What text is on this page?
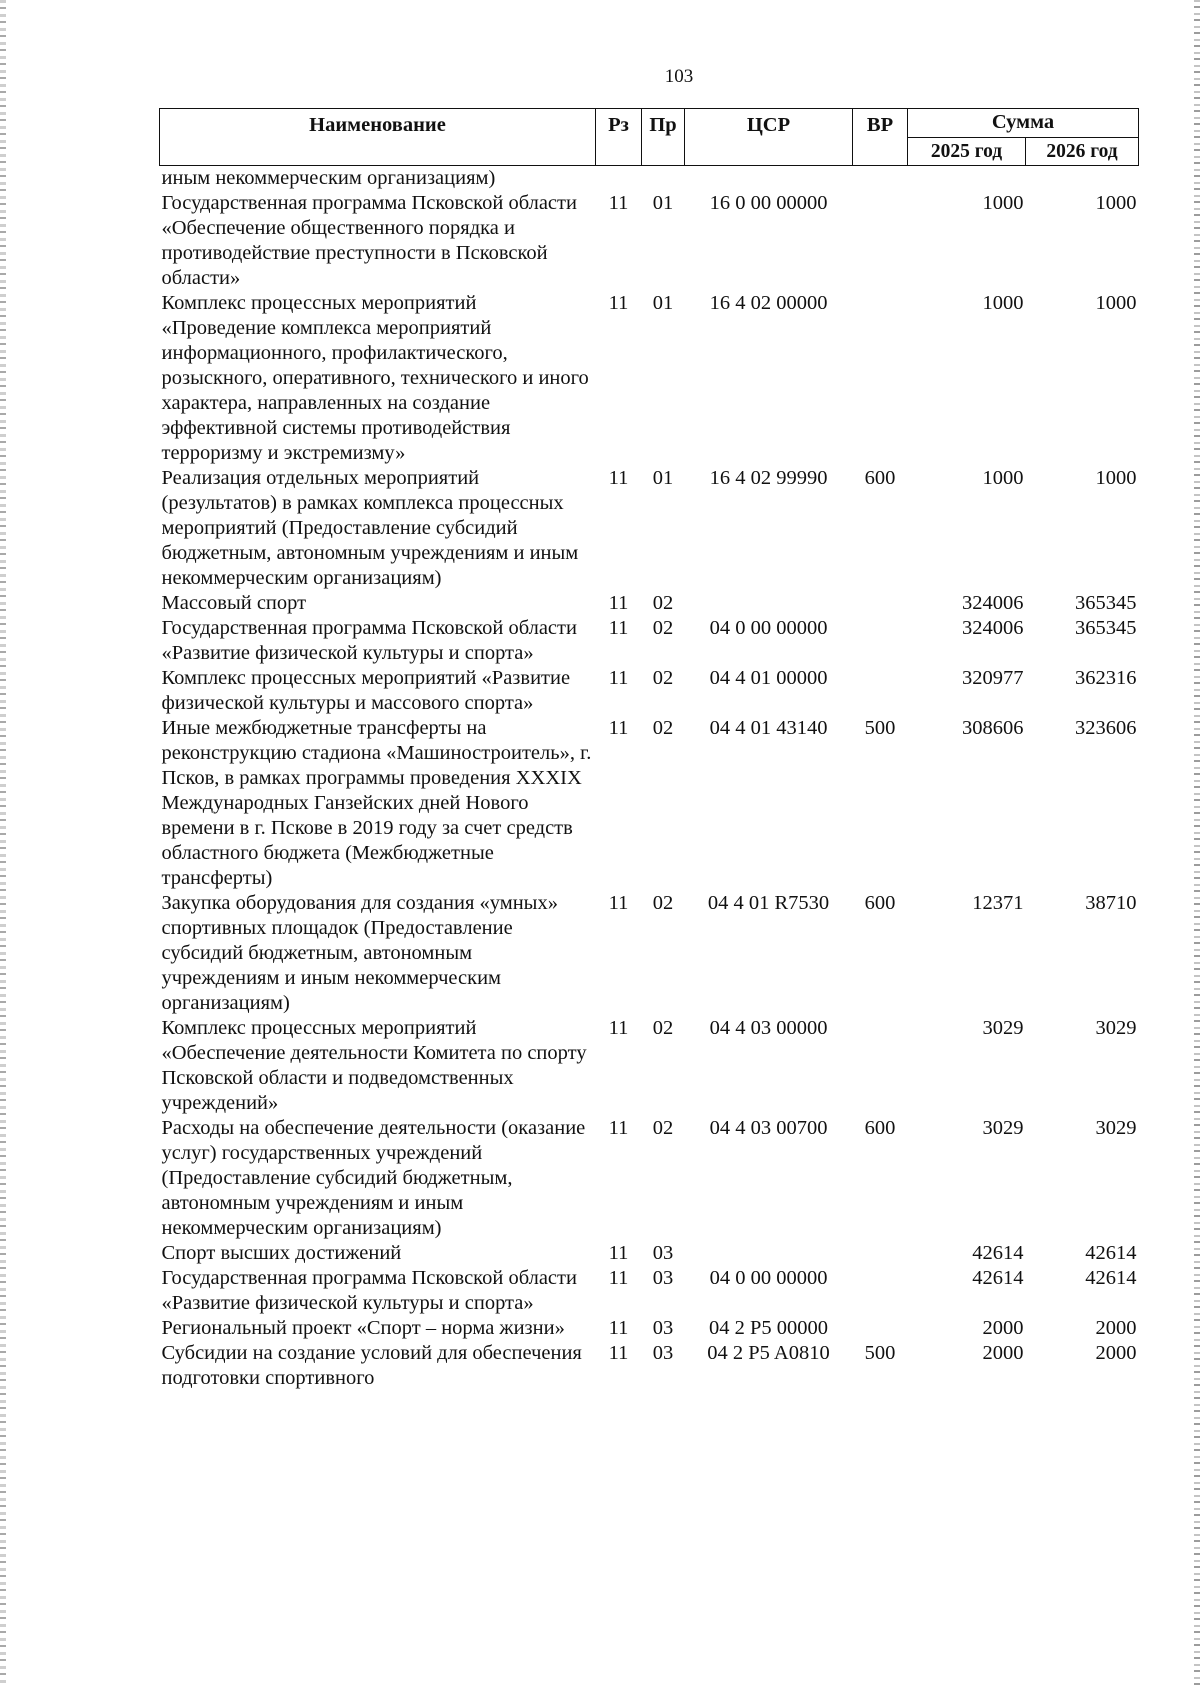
103
Наименование	Рз	Пр	ЦСР	ВР	Сумма	
					2025 год	2026 год
иным некоммерческим организациям)						
Государственная программа Псковской области «Обеспечение общественного порядка и противодействие преступности в Псковской области»	11	01	16 0 00 00000		1000	1000
Комплекс процессных мероприятий «Проведение комплекса мероприятий информационного, профилактического, розыскного, оперативного, технического и иного характера, направленных на создание эффективной системы противодействия терроризму и экстремизму»	11	01	16 4 02 00000		1000	1000
Реализация отдельных мероприятий (результатов) в рамках комплекса процессных мероприятий (Предоставление субсидий бюджетным, автономным учреждениям и иным некоммерческим организациям)	11	01	16 4 02 99990	600	1000	1000
Массовый спорт	11	02			324006	365345
Государственная программа Псковской области «Развитие физической культуры и спорта»	11	02	04 0 00 00000		324006	365345
Комплекс процессных мероприятий «Развитие физической культуры и массового спорта»	11	02	04 4 01 00000		320977	362316
Иные межбюджетные трансферты на реконструкцию стадиона «Машиностроитель», г. Псков, в рамках программы проведения XXXIX Международных Ганзейских дней Нового времени в г. Пскове в 2019 году за счет средств областного бюджета (Межбюджетные трансферты)	11	02	04 4 01 43140	500	308606	323606
Закупка оборудования для создания «умных» спортивных площадок (Предоставление субсидий бюджетным, автономным учреждениям и иным некоммерческим организациям)	11	02	04 4 01 R7530	600	12371	38710
Комплекс процессных мероприятий «Обеспечение деятельности Комитета по спорту Псковской области и подведомственных учреждений»	11	02	04 4 03 00000		3029	3029
Расходы на обеспечение деятельности (оказание услуг) государственных учреждений (Предоставление субсидий бюджетным, автономным учреждениям и иным некоммерческим организациям)	11	02	04 4 03 00700	600	3029	3029
Спорт высших достижений	11	03			42614	42614
Государственная программа Псковской области «Развитие физической культуры и спорта»	11	03	04 0 00 00000		42614	42614
Региональный проект «Спорт – норма жизни»	11	03	04 2 P5 00000		2000	2000
Субсидии на создание условий для обеспечения подготовки спортивного	11	03	04 2 P5 A0810	500	2000	2000
